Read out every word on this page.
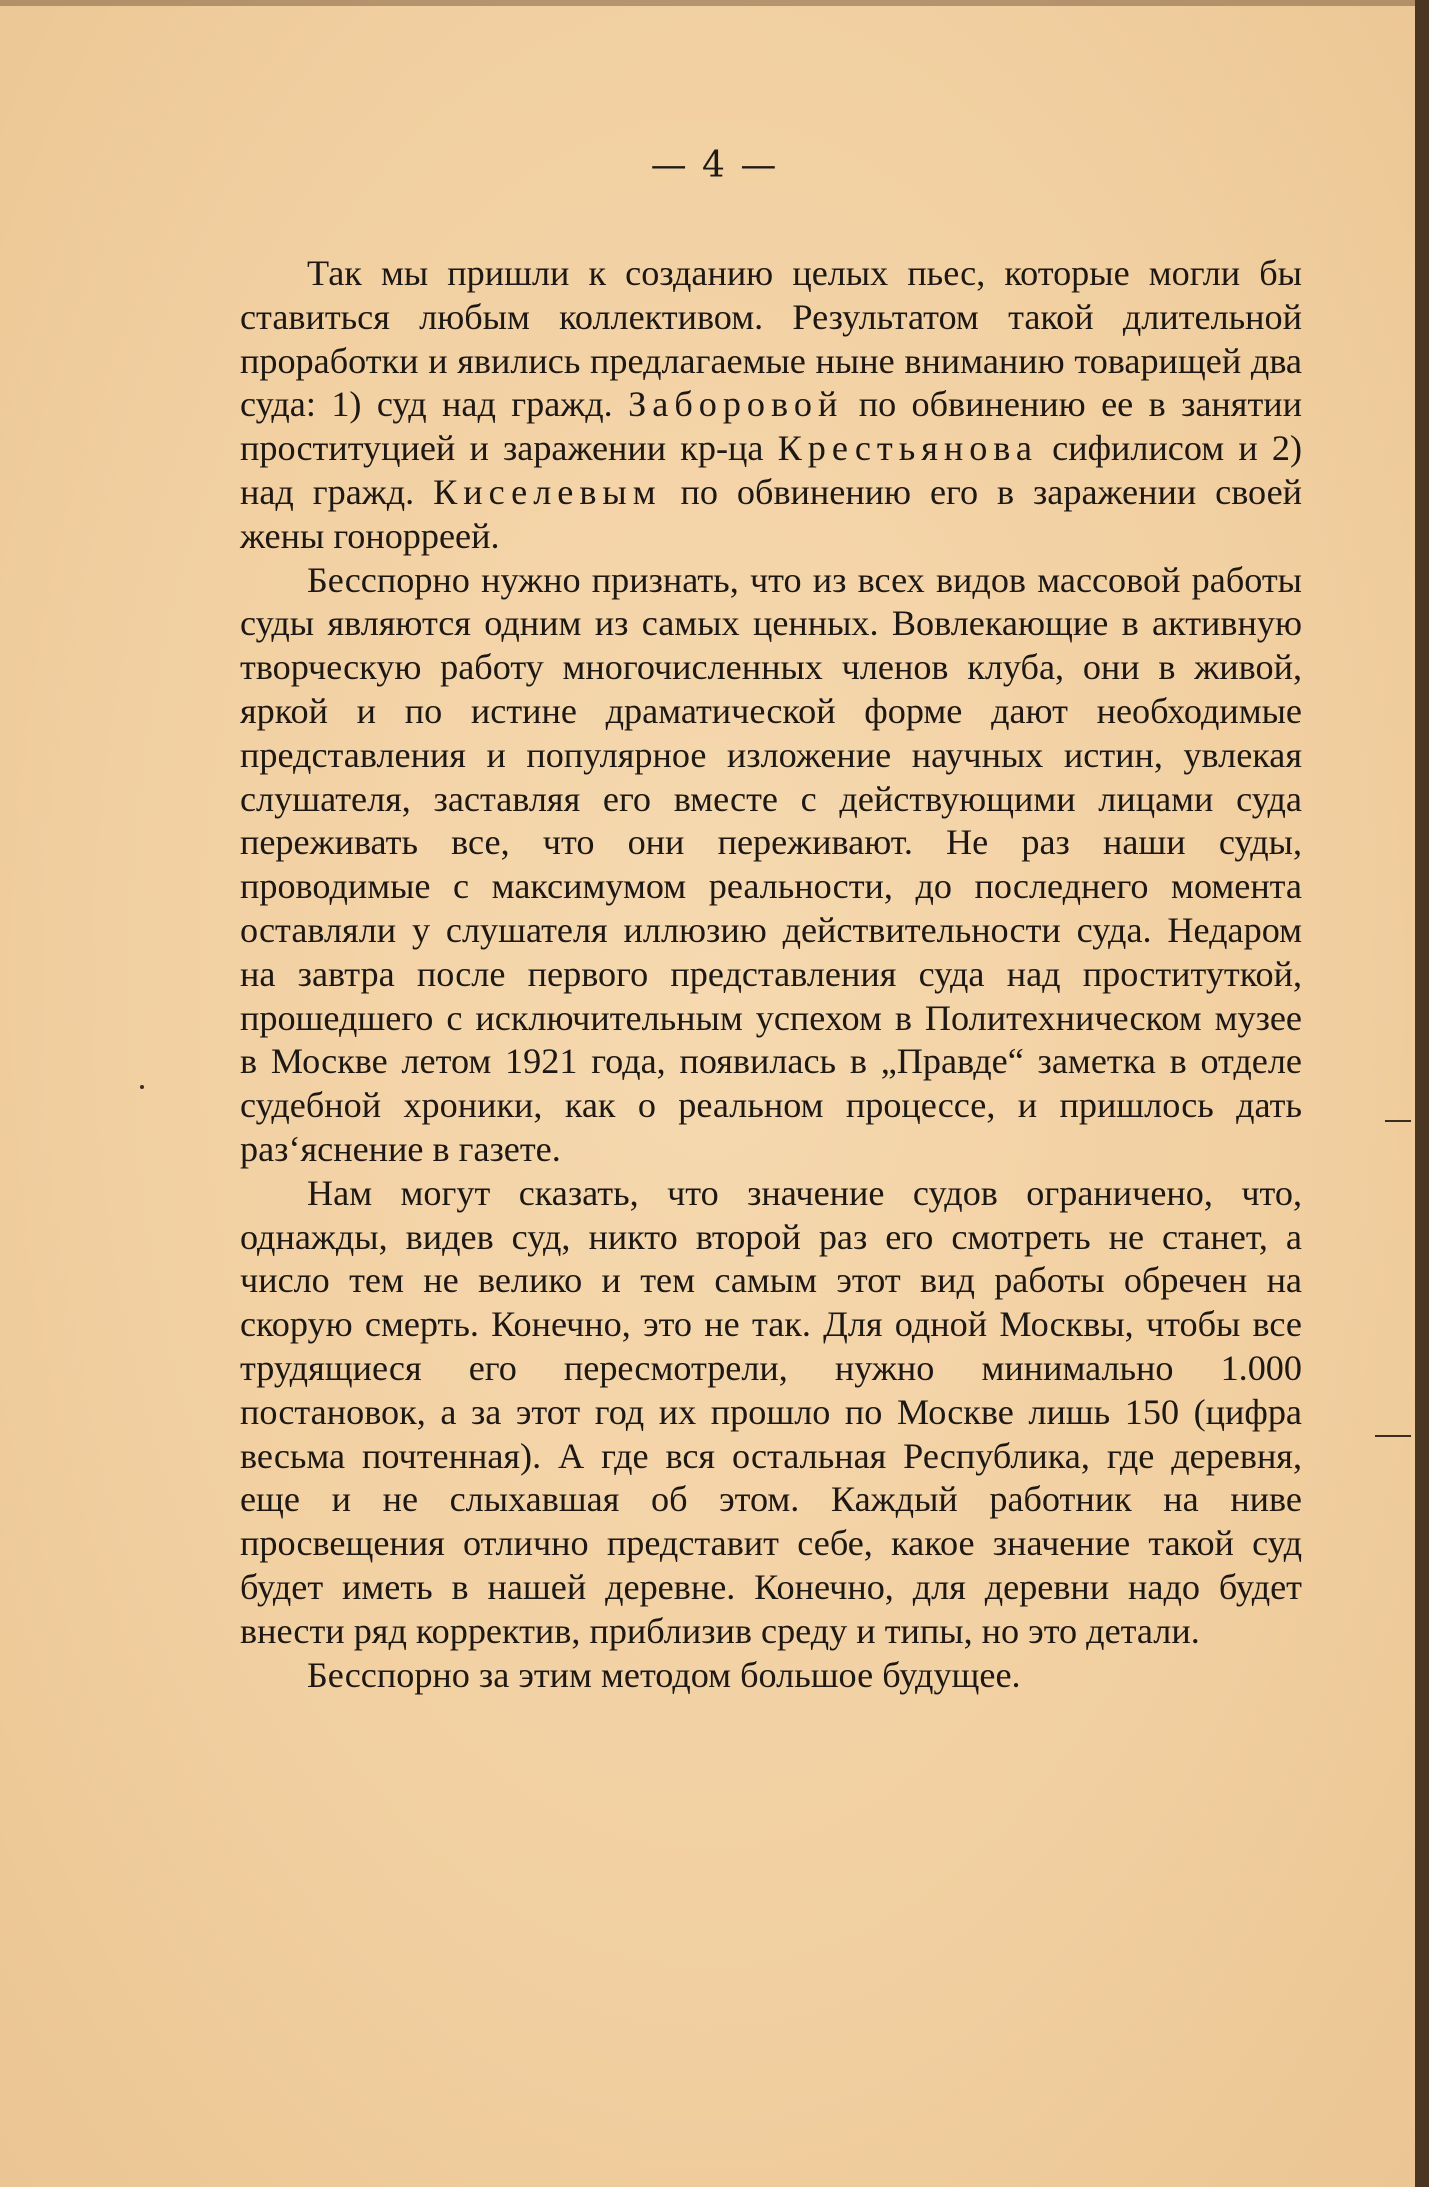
— 4 —

Так мы пришли к созданию целых пьес, которые могли бы ставиться любым коллективом. Результатом такой длительной проработки и явились предлагаемые ныне вниманию товарищей два суда: 1) суд над гражд. Заборовой по обвинению ее в занятии проституцией и заражении кр-ца Крестьянова сифилисом и 2) над гражд. Киселевым по обвинению его в заражении своей жены гонорреей.

Бесспорно нужно признать, что из всех видов массовой работы суды являются одним из самых ценных. Вовлекающие в активную творческую работу многочисленных членов клуба, они в живой, яркой и по истине драматической форме дают необходимые представления и популярное изложение научных истин, увлекая слушателя, заставляя его вместе с действующими лицами суда переживать все, что они переживают. Не раз наши суды, проводимые с максимумом реальности, до последнего момента оставляли у слушателя иллюзию действительности суда. Недаром на завтра после первого представления суда над проституткой, прошедшего с исключительным успехом в Политехническом музее в Москве летом 1921 года, появилась в „Правде“ заметка в отделе судебной хроники, как о реальном процессе, и пришлось дать раз‘яснение в газете.

Нам могут сказать, что значение судов ограничено, что, однажды, видев суд, никто второй раз его смотреть не станет, а число тем не велико и тем самым этот вид работы обречен на скорую смерть. Конечно, это не так. Для одной Москвы, чтобы все трудящиеся его пересмотрели, нужно минимально 1.000 постановок, а за этот год их прошло по Москве лишь 150 (цифра весьма почтенная). А где вся остальная Республика, где деревня, еще и не слыхавшая об этом. Каждый работник на ниве просвещения отлично представит себе, какое значение такой суд будет иметь в нашей деревне. Конечно, для деревни надо будет внести ряд корректив, приблизив среду и типы, но это детали.

Бесспорно за этим методом большое будущее.
